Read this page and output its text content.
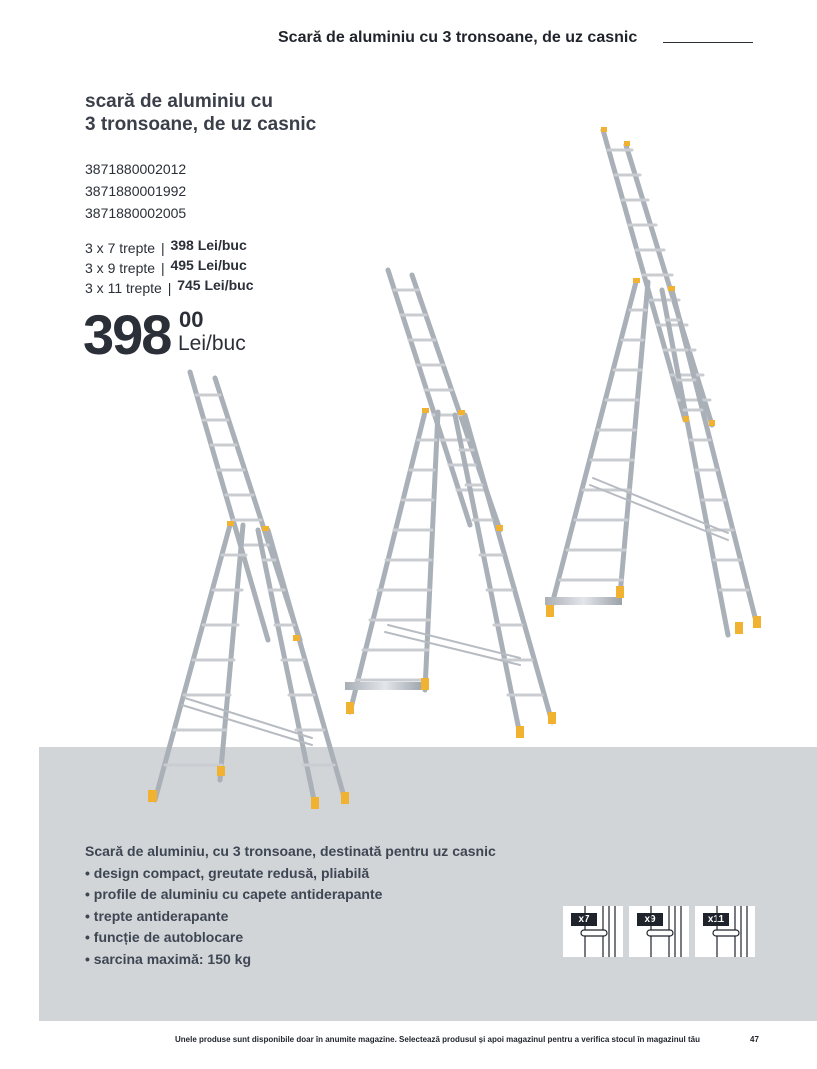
Scară de aluminiu cu 3 tronsoane, de uz casnic
scară de aluminiu cu
3 tronsoane, de uz casnic
3871880002012
3871880001992
3871880002005
3 x 7 trepte | 398 Lei/buc
3 x 9 trepte | 495 Lei/buc
3 x 11 trepte | 745 Lei/buc
398 00
Lei/buc
Scară de aluminiu, cu 3 tronsoane, destinată pentru uz casnic
• design compact, greutate redusă, pliabilă
• profile de aluminiu cu capete antiderapante
• trepte antiderapante
• funcție de autoblocare
• sarcina maximă: 150 kg
x7	x9	x11
Unele produse sunt disponibile doar în anumite magazine. Selectează produsul și apoi magazinul pentru a verifica stocul în magazinul tău	47
